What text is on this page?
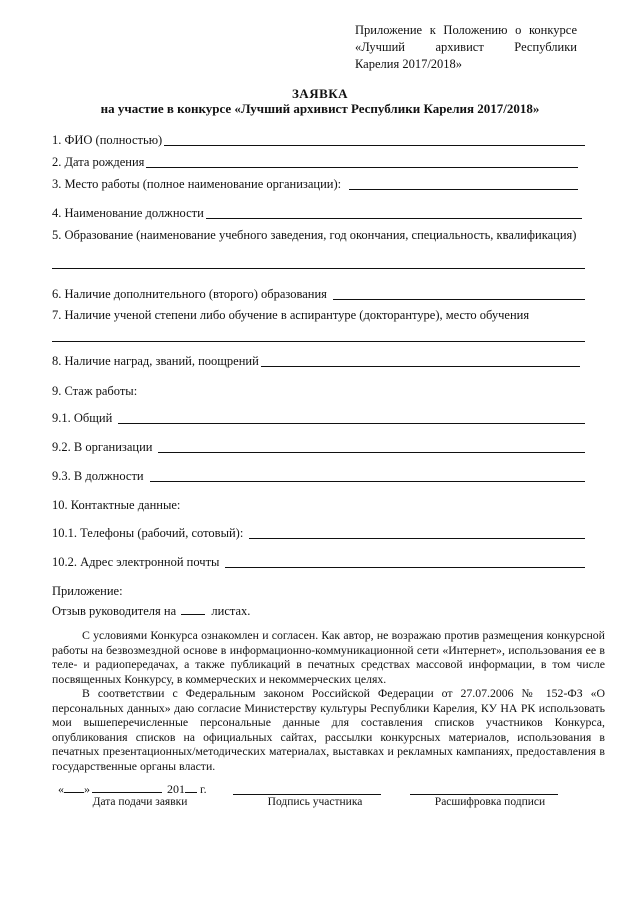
Приложение к Положению о конкурсе
«Лучший архивист Республики
Карелия 2017/2018»
ЗАЯВКА
на участие в конкурсе «Лучший архивист Республики Карелия 2017/2018»
1. ФИО (полностью)
2. Дата рождения
3. Место работы (полное наименование организации):
4. Наименование должности
5. Образование (наименование учебного заведения, год окончания, специальность, квалификация)
6. Наличие дополнительного (второго) образования
7. Наличие ученой степени либо обучение в аспирантуре (докторантуре), место обучения
8. Наличие наград, званий, поощрений
9. Стаж работы:
9.1. Общий
9.2. В организации
9.3. В должности
10. Контактные данные:
10.1. Телефоны (рабочий, сотовый):
10.2. Адрес электронной почты
Приложение:
Отзыв руководителя на	листах.

С условиями Конкурса ознакомлен и согласен. Как автор, не возражаю против размещения конкурсной работы на безвозмездной основе в информационно-коммуникационной сети «Интернет», использования ее в теле- и радиопередачах, а также публикаций в печатных средствах массовой информации, в том числе посвященных Конкурсу, в коммерческих и некоммерческих целях.

В соответствии с Федеральным законом Российской Федерации от 27.07.2006 № 152-ФЗ «О персональных данных» даю согласие Министерству культуры Республики Карелия, КУ НА РК использовать мои вышеперечисленные персональные данные для составления списков участников Конкурса, опубликования списков на официальных сайтах, рассылки конкурсных материалов, использования в печатных презентационных/методических материалах, выставках и рекламных кампаниях, предоставления в государственные органы власти.

« »	201 г.
Дата подачи заявки	Подпись участника	Расшифровка подписи
